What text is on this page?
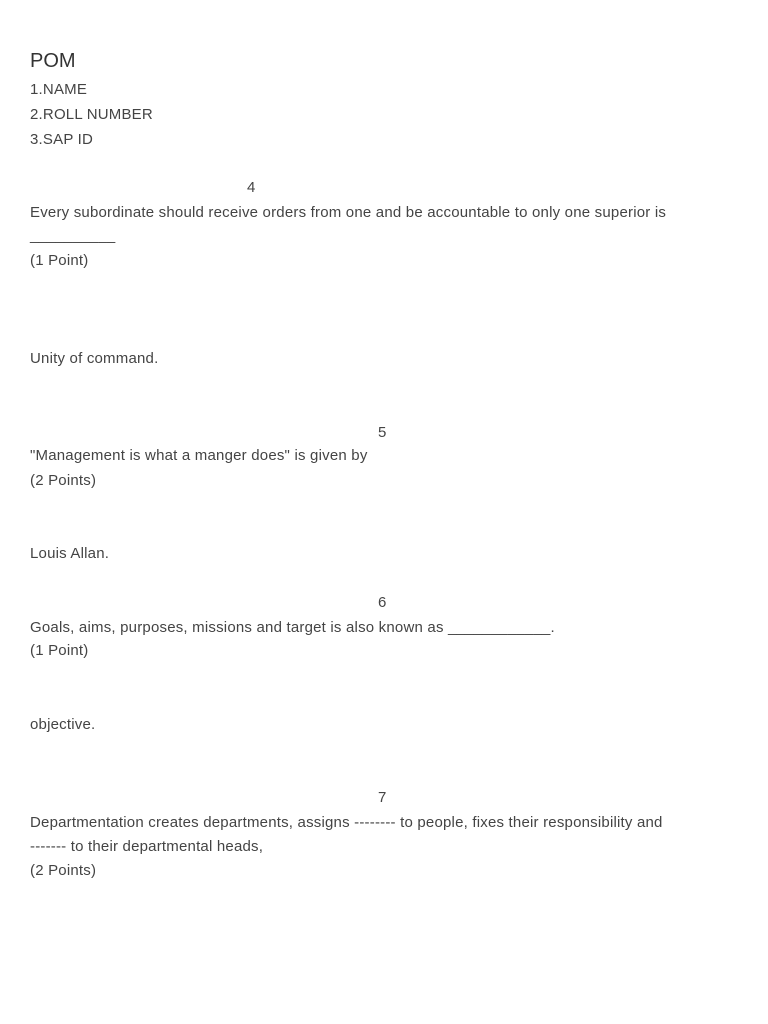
POM
1.NAME
2.ROLL NUMBER
3.SAP ID
4
Every subordinate should receive orders from one and be accountable to only one superior is
__________
(1 Point)
Unity of command.
5
"Management is what a manger does" is given by
(2 Points)
Louis Allan.
6
Goals, aims, purposes, missions and target is also known as ____________.
(1 Point)
objective.
7
Departmentation creates departments, assigns -------- to people, fixes their responsibility and
------- to their departmental heads,
(2 Points)
